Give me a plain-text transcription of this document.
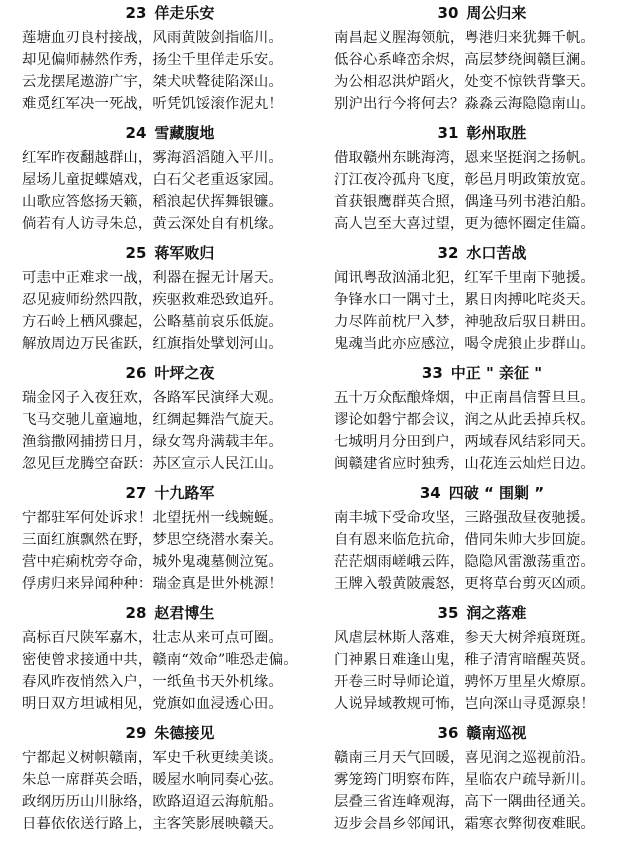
23 佯走乐安
莲塘血刃良村接战，风雨黄陂剑指临川。
却见偏师赫然作秀，扬尘千里佯走乐安。
云龙摆尾遨游广宇，桀犬吠聱徒陷深山。
难觅红军决一死战，听凭饥馁滚作泥丸！
24 雪藏腹地
红军昨夜翻越群山，雾海滔滔随入平川。
屋场儿童捉蝶嬉戏，白石父老重返家园。
山歌应答悠扬天籁，稻浪起伏挥舞银镰。
倘若有人访寻朱总，黄云深处自有机缘。
25 蒋军败归
可恚中正难求一战，利器在握无计屠天。
忍见疲师纷然四散，疾驱救难恐致追歼。
方石岭上栖风骤起，公略墓前哀乐低旋。
解放周边万民雀跃，红旗指处擘划河山。
26 叶坪之夜
瑞金冈子入夜狂欢，各路军民演绎大观。
飞马交驰儿童遍地，红绸起舞浩气旋天。
渔翁撒网捕捞日月，绿女驾舟满载丰年。
忽见巨龙腾空奋跃：苏区宣示人民江山。
27 十九路军
宁都驻军何处诉求！北望抚州一线蜿蜒。
三面红旗飘然在野，梦思空绕潜水秦关。
营中疟痢枕旁夺命，城外鬼魂墓侧泣冤。
俘虏归来异闻种种：瑞金真是世外桃源！
28 赵君博生
高标百尺陕军嘉木，壮志从来可点可圈。
密使曾求接通中共，赣南“效命”唯恐走偏。
春风昨夜悄然入户，一纸鱼书天外机缘。
明日双方坦诚相见，党旗如血浸透心田。
29 朱德接见
宁都起义树帜赣南，军史千秋更续美谈。
朱总一席群英会晤，暖屋水响同奏心弦。
政纲历历山川脉络，欧路迢迢云海航船。
日暮依依送行路上，主客笑影展映赣天。
30 周公归来
南昌起义腥海领航，粤港归来犹舞千帆。
低谷心系峰峦余烬，高层梦绕闽赣巨澜。
为公相忍洪炉蹈火，处变不惊铁背擎天。
别沪出行今将何去？淼淼云海隐隐南山。
31 彰州取胜
借取赣州东眺海湾，恩来坚挺润之扬帆。
汀江夜冷孤舟飞度，彰邑月明政策放宽。
首获银鹰群英合照，偶逢马列书港泊船。
高人岂至大喜过望，更为德怀圈定佳篇。
32 水口苦战
闻讯粤敌汹涌北犯，红军千里南下驰援。
争锋水口一隅寸土，累日肉搏叱咤炎天。
力尽阵前枕尸入梦，神驰敌后驭日耕田。
鬼魂当此亦应感泣，喝令虎狼止步群山。
33 中正 " 亲征 "
五十万众酝酿烽烟，中正南昌信誓旦旦。
谬论如磐宁都会议，润之从此丢掉兵权。
七城明月分田到户，两域春风结彩同天。
闽赣建省应时独秀，山花连云灿烂日边。
34 四破 “ 围剿 ”
南丰城下受命攻坚，三路强敌昼夜驰援。
自有恩来临危抗命，借同朱帅大步回旋。
茫茫烟雨嵯峨云阵，隐隐风雷激荡重峦。
王牌入彀黄陂震怒，更将草台剪灭凶顽。
35 润之落难
风虐层林斯人落难，参天大树斧痕斑斑。
门神累日难逢山鬼，稚子清宵暗醒英贤。
开卷三时导师论道，骋怀万里星火燎原。
人说异域教规可怖，岂向深山寻觅源泉！
36 赣南巡视
赣南三月天气回暖，喜见润之巡视前沿。
雾笼筠门明察布阵，星临农户疏导新川。
层叠三省连峰观海，高下一隅曲径通关。
迈步会昌乡邻闻讯，霜寒衣弊彻夜难眠。
